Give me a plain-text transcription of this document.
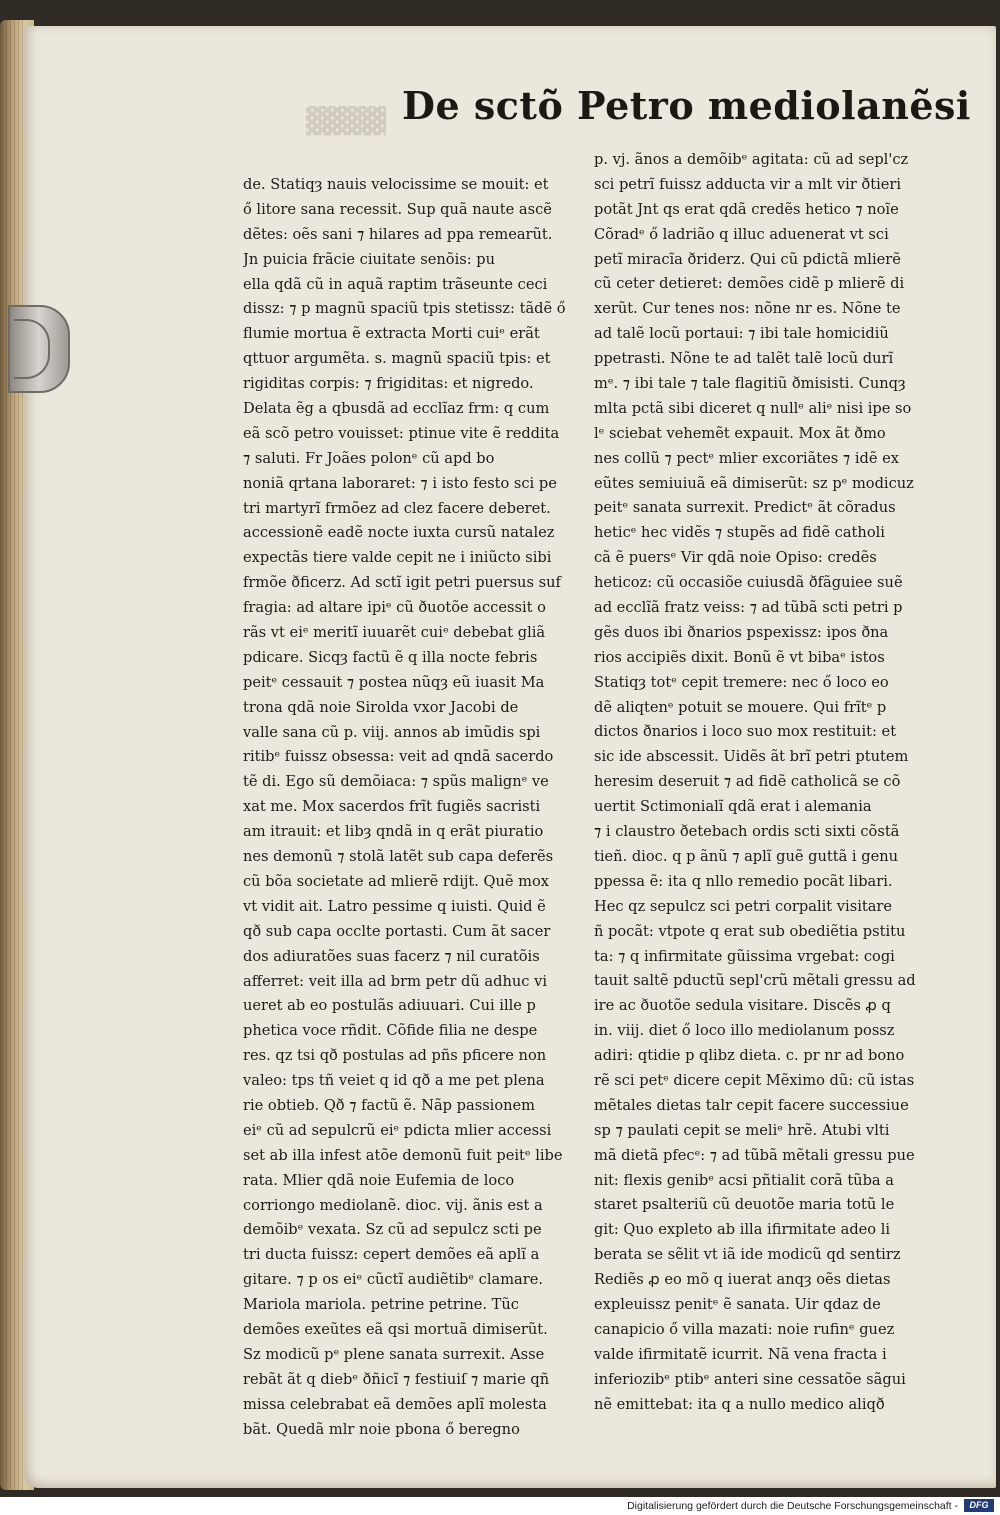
▓▓▓▓ De sctõ Petro mediolanẽsi
de. Statiqȝ nauis velocissime se mouit: et
ő litore sana recessit. Sup quã naute ascẽ
dẽtes: oẽs sani ⁊ hilares ad ppa remearũt.
Jn puicia frãcie ciuitate senõis: pu
ella qdã cũ in aquã raptim trãseunte ceci
dissz: ⁊ p magnũ spaciũ tpis stetissz: tãdẽ ő
flumie mortua ẽ extracta Morti cuiᵉ erãt
qttuor argumẽta. s. magnũ spaciũ tpis: et
rigiditas corpis: ⁊ frigiditas: et nigredo.
Delata ẽg a qbusdã ad ecclĩaz frm: q cum
eã scõ petro vouisset: ptinue vite ẽ reddita
⁊ saluti. Fr Joães polonᵉ cũ apd bo
noniã qrtana laboraret: ⁊ i isto festo sci pe
tri martyrĩ frmõez ad clez facere deberet.
accessionẽ eadẽ nocte iuxta cursũ natalez
expectãs tiere valde cepit ne i iniũcto sibi
frmõe ðficerz. Ad sctĩ igit petri puersus suf
fragia: ad altare ipiᵉ cũ ðuotõe accessit o
rãs vt eiᵉ meritĩ iuuarẽt cuiᵉ debebat gliã
pdicare. Sicqȝ factũ ẽ q illa nocte febris
peitᵉ cessauit ⁊ postea nũqȝ eũ iuasit Ma
trona qdã noie Sirolda vxor Jacobi de
valle sana cũ p. viij. annos ab imũdis spi
ritibᵉ fuissz obsessa: veit ad qndã sacerdo
tẽ di. Ego sũ demõiaca: ⁊ spũs malignᵉ ve
xat me. Mox sacerdos frĩt fugiẽs sacristi
am itrauit: et libȝ qndã in q erãt piuratio
nes demonũ ⁊ stolã latẽt sub capa deferẽs
cũ bõa societate ad mlierẽ rdijt. Quẽ mox
vt vidit ait. Latro pessime q iuisti. Quid ẽ
qð sub capa occlte portasti. Cum ãt sacer
dos adiuratões suas facerz ⁊ nil curatõis
afferret: veit illa ad brm petr dũ adhuc vi
ueret ab eo postulãs adiuuari. Cui ille p
phetica voce rñdit. Cõfide filia ne despe
res. qz tsi qð postulas ad pñs pficere non
valeo: tps tñ veiet q id qð a me pet plena
rie obtieb. Qð ⁊ factũ ẽ. Nãp passionem
eiᵉ cũ ad sepulcrũ eiᵉ pdicta mlier accessi
set ab illa infest atõe demonũ fuit peitᵉ libe
rata. Mlier qdã noie Eufemia de loco
corriongo mediolanẽ. dioc. vij. ãnis est a
demõibᵉ vexata. Sz cũ ad sepulcz scti pe
tri ducta fuissz: cepert demões eã aplĩ a
gitare. ⁊ p os eiᵉ cũctĩ audiẽtibᵉ clamare.
Mariola mariola. petrine petrine. Tũc
demões exeũtes eã qsi mortuã dimiserũt.
Sz modicũ pᵉ plene sanata surrexit. Asse
rebãt ãt q diebᵉ ðñicĩ ⁊ festiuiſ ⁊ marie qñ
missa celebrabat eã demões aplĩ molesta
bãt. Quedã mlr noie pbona ő beregno
p. vj. ãnos a demõibᵉ agitata: cũ ad sepl'cz
sci petrĩ fuissz adducta vir a mlt vir ðtieri
potãt Jnt qs erat qdã credẽs hetico ⁊ noĩe
Cõradᵉ ő ladrião q illuc aduenerat vt sci
petĩ miracĩa ðriderz. Qui cũ pdictã mlierẽ
cũ ceter detieret: demões cidẽ p mlierẽ di
xerũt. Cur tenes nos: nõne nr es. Nõne te
ad talẽ locũ portaui: ⁊ ibi tale homicidiũ
ppetrasti. Nõne te ad talẽt talẽ locũ durĩ
mᵉ. ⁊ ibi tale ⁊ tale flagitiũ ðmisisti. Cunqȝ
mlta pctã sibi diceret q nullᵉ aliᵉ nisi ipe so
lᵉ sciebat vehemẽt expauit. Mox ãt ðmo
nes collũ ⁊ pectᵉ mlier excoriãtes ⁊ idẽ ex
eũtes semiuiuã eã dimiserũt: sz pᵉ modicuz
peitᵉ sanata surrexit. Predictᵉ ãt cõradus
heticᵉ hec vidẽs ⁊ stupẽs ad fidẽ catholi
cã ẽ puersᵉ Vir qdã noie Opiso: credẽs
heticoz: cũ occasiõe cuiusdã ðfãguiee suẽ
ad ecclĩã fratz veiss: ⁊ ad tũbã scti petri p
gẽs duos ibi ðnarios pspexissz: ipos ðna
rios accipiẽs dixit. Bonũ ẽ vt bibaᵉ istos
Statiqȝ totᵉ cepit tremere: nec ő loco eo
dẽ aliqtenᵉ potuit se mouere. Qui frĩtᵉ p
dictos ðnarios i loco suo mox restituit: et
sic ide abscessit. Uidẽs ãt brĩ petri ptutem
heresim deseruit ⁊ ad fidẽ catholicã se cõ
uertit Sctimonialĩ qdã erat i alemania
⁊ i claustro ðetebach ordis scti sixti cõstã
tieñ. dioc. q p ãnũ ⁊ aplĩ guẽ guttã i genu
ppessa ẽ: ita q nllo remedio pocãt libari.
Hec qz sepulcz sci petri corpalit visitare
ñ pocãt: vtpote q erat sub obediẽtia pstitu
ta: ⁊ q infirmitate gũissima vrgebat: cogi
tauit saltẽ pductũ sepl'crũ mẽtali gressu ad
ire ac ðuotõe sedula visitare. Discẽs ꝓ q
in. viij. diet ő loco illo mediolanum possz
adiri: qtidie p qlibz dieta. c. pr nr ad bono
rẽ sci petᵉ dicere cepit Mẽximo dũ: cũ istas
mẽtales dietas talr cepit facere successiue
sp ⁊ paulati cepit se meliᵉ hrẽ. Atubi vlti
mã dietã pfecᵉ: ⁊ ad tũbã mẽtali gressu pue
nit: flexis genibᵉ acsi pñtialit corã tũba a
staret psalteriũ cũ deuotõe maria totũ le
git: Quo expleto ab illa ifirmitate adeo li
berata se sẽlit vt iã ide modicũ qd sentirz
Rediẽs ꝓ eo mõ q iuerat anqȝ oẽs dietas
expleuissz penitᵉ ẽ sanata. Uir qdaz de
canapicio ő villa mazati: noie rufinᵉ guez
valde ifirmitatẽ icurrit. Nã vena fracta i
inferiozibᵉ ptibᵉ anteri sine cessatõe sãgui
nẽ emittebat: ita q a nullo medico aliqð
Digitalisierung gefördert durch die Deutsche Forschungsgemeinschaft -	DFG
